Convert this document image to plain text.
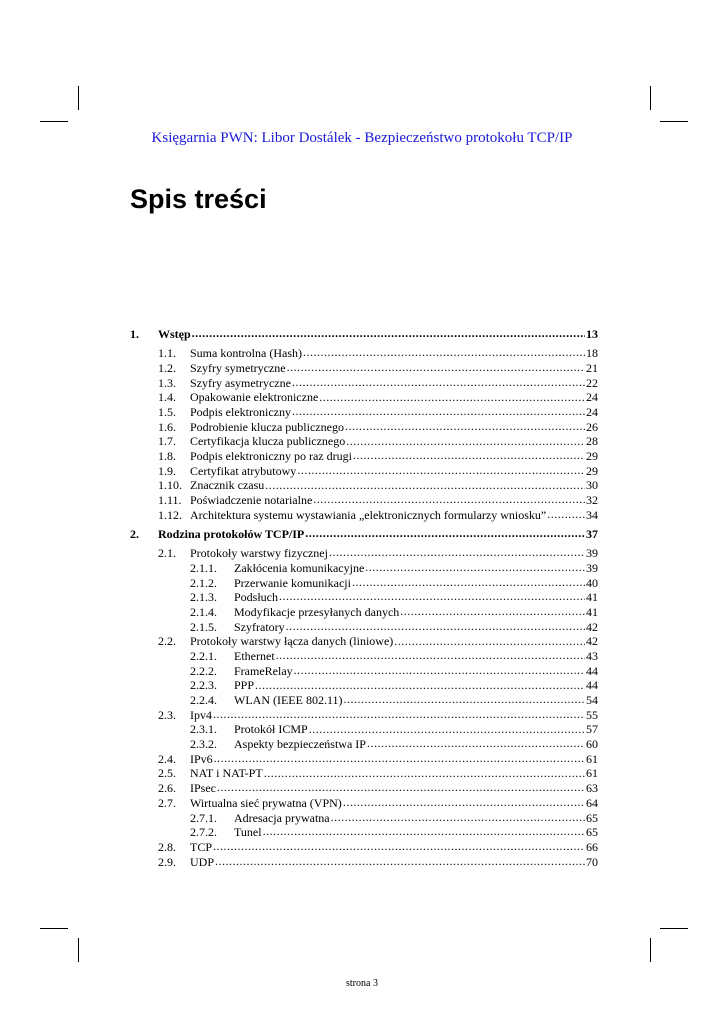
Księgarnia PWN: Libor Dostálek - Bezpieczeństwo protokołu TCP/IP
Spis treści
1.	Wstęp .....	13
1.1.	Suma kontrolna (Hash) .....	18
1.2.	Szyfry symetryczne .....	21
1.3.	Szyfry asymetryczne .....	22
1.4.	Opakowanie elektroniczne .....	24
1.5.	Podpis elektroniczny .....	24
1.6.	Podrobienie klucza publicznego .....	26
1.7.	Certyfikacja klucza publicznego .....	28
1.8.	Podpis elektroniczny po raz drugi .....	29
1.9.	Certyfikat atrybutowy .....	29
1.10. Znacznik czasu .....	30
1.11. Poświadczenie notarialne .....	32
1.12. Architektura systemu wystawiania „elektronicznych formularzy wniosku” .....	34
2.	Rodzina protokołów TCP/IP .....	37
2.1.	Protokoły warstwy fizycznej .....	39
2.1.1.	Zakłócenia komunikacyjne .....	39
2.1.2.	Przerwanie komunikacji .....	40
2.1.3.	Podsłuch .....	41
2.1.4.	Modyfikacje przesyłanych danych .....	41
2.1.5.	Szyfratory .....	42
2.2.	Protokoły warstwy łącza danych (liniowe) .....	42
2.2.1.	Ethernet .....	43
2.2.2.	FrameRelay .....	44
2.2.3.	PPP .....	44
2.2.4.	WLAN (IEEE 802.11) .....	54
2.3.	Ipv4 .....	55
2.3.1.	Protokół ICMP .....	57
2.3.2.	Aspekty bezpieczeństwa IP .....	60
2.4.	IPv6 .....	61
2.5.	NAT i NAT-PT .....	61
2.6.	IPsec .....	63
2.7.	Wirtualna sieć prywatna (VPN) .....	64
2.7.1.	Adresacja prywatna .....	65
2.7.2.	Tunel .....	65
2.8.	TCP .....	66
2.9.	UDP .....	70
strona 3
